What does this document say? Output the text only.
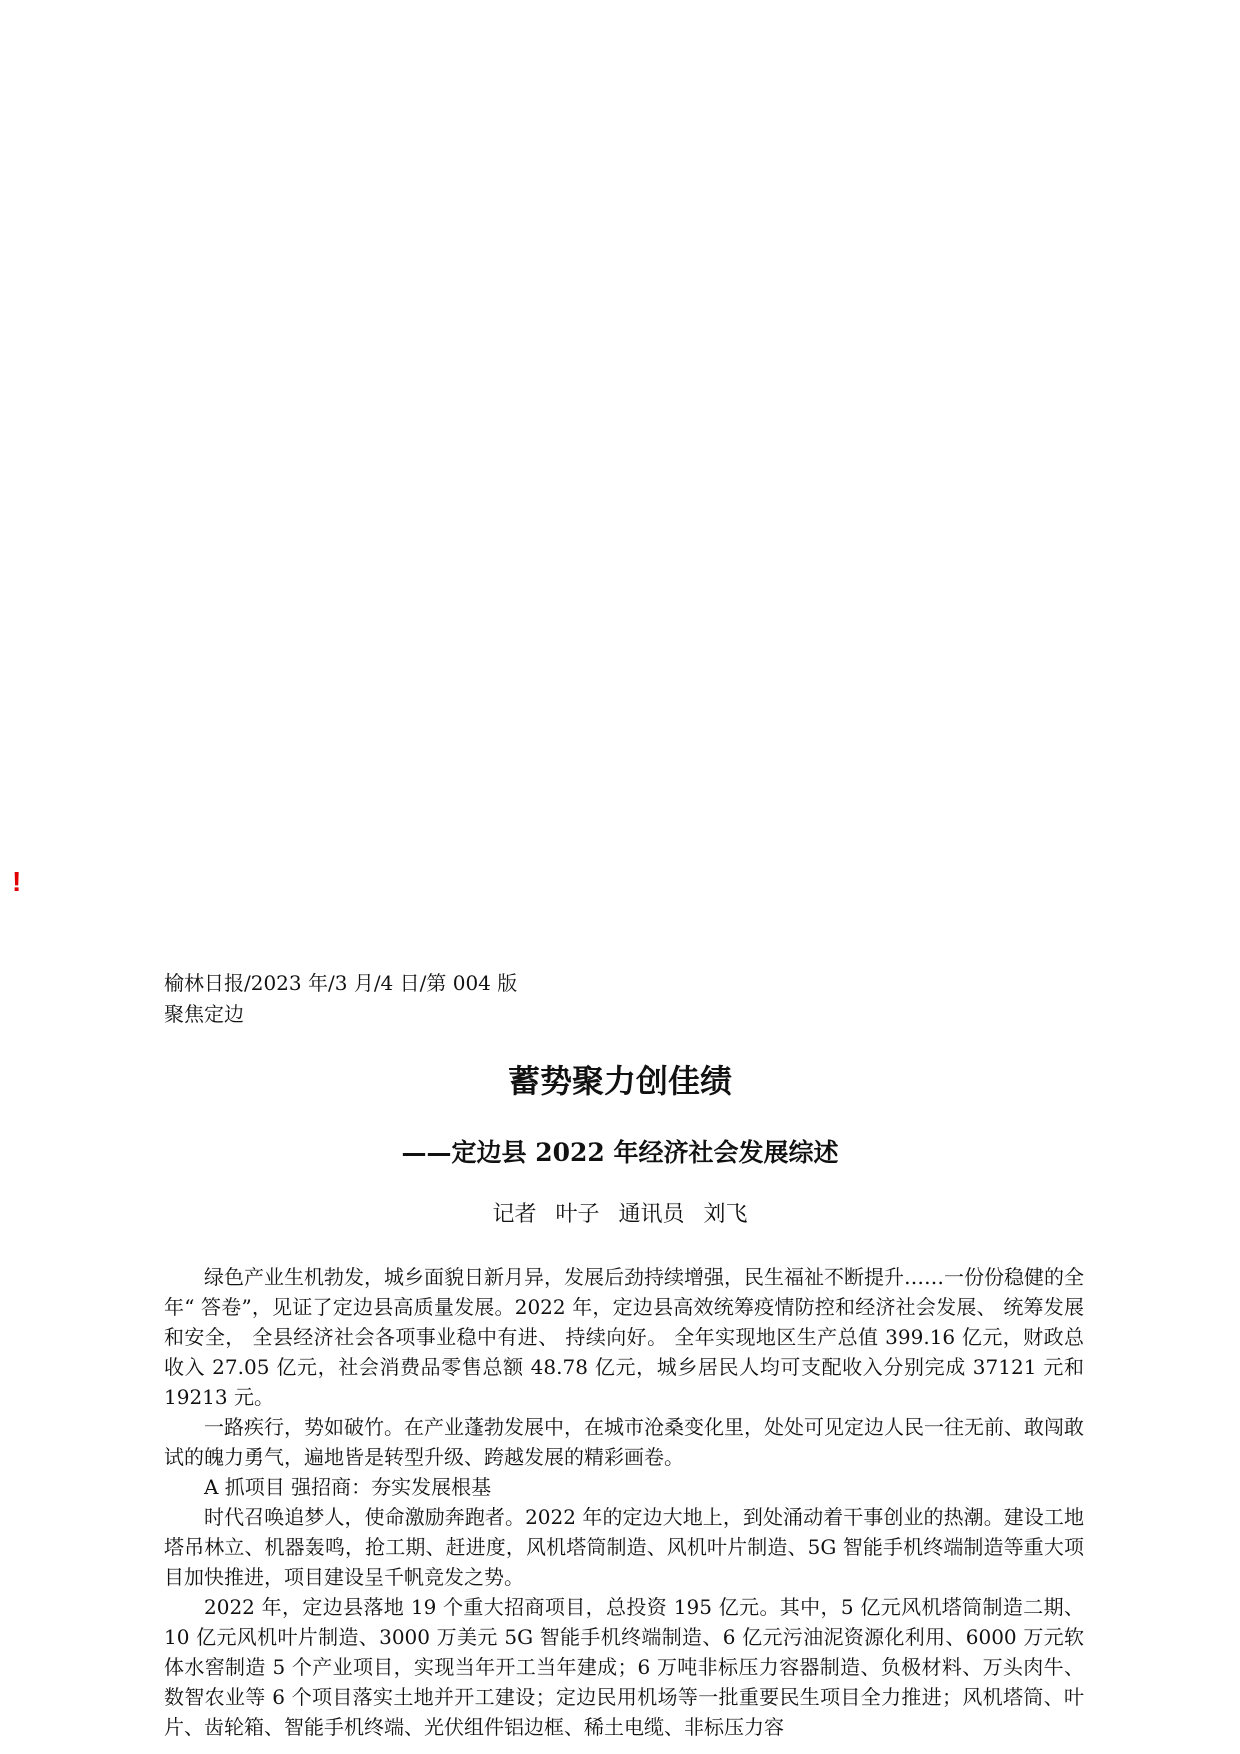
!
榆林日报/2023 年/3 月/4 日/第 004 版聚焦定边
蓄势聚力创佳绩
——定边县 2022 年经济社会发展综述
记者 叶子 通讯员 刘飞

绿色产业生机勃发，城乡面貌日新月异，发展后劲持续增强，民生福祉不断提升……一份份稳健的全年“ 答卷”，见证了定边县高质量发展。2022 年，定边县高效统筹疫情防控和经济社会发展、 统筹发展和安全， 全县经济社会各项事业稳中有进、 持续向好。 全年实现地区生产总值 399.16 亿元，财政总收入 27.05 亿元，社会消费品零售总额 48.78 亿元，城乡居民人均可支配收入分别完成 37121 元和 19213 元。

一路疾行，势如破竹。在产业蓬勃发展中，在城市沧桑变化里，处处可见定边人民一往无前、敢闯敢试的魄力勇气，遍地皆是转型升级、跨越发展的精彩画卷。

A 抓项目 强招商：夯实发展根基

时代召唤追梦人，使命激励奔跑者。2022 年的定边大地上，到处涌动着干事创业的热潮。建设工地塔吊林立、机器轰鸣，抢工期、赶进度，风机塔筒制造、风机叶片制造、5G 智能手机终端制造等重大项目加快推进，项目建设呈千帆竞发之势。

2022 年，定边县落地 19 个重大招商项目，总投资 195 亿元。其中，5 亿元风机塔筒制造二期、10 亿元风机叶片制造、3000 万美元 5G 智能手机终端制造、6 亿元污油泥资源化利用、6000 万元软体水窖制造 5 个产业项目，实现当年开工当年建成；6 万吨非标压力容器制造、负极材料、万头肉牛、数智农业等 6 个项目落实土地并开工建设；定边民用机场等一批重要民生项目全力推进；风机塔筒、叶片、齿轮箱、智能手机终端、光伏组件铝边框、稀土电缆、非标压力容
